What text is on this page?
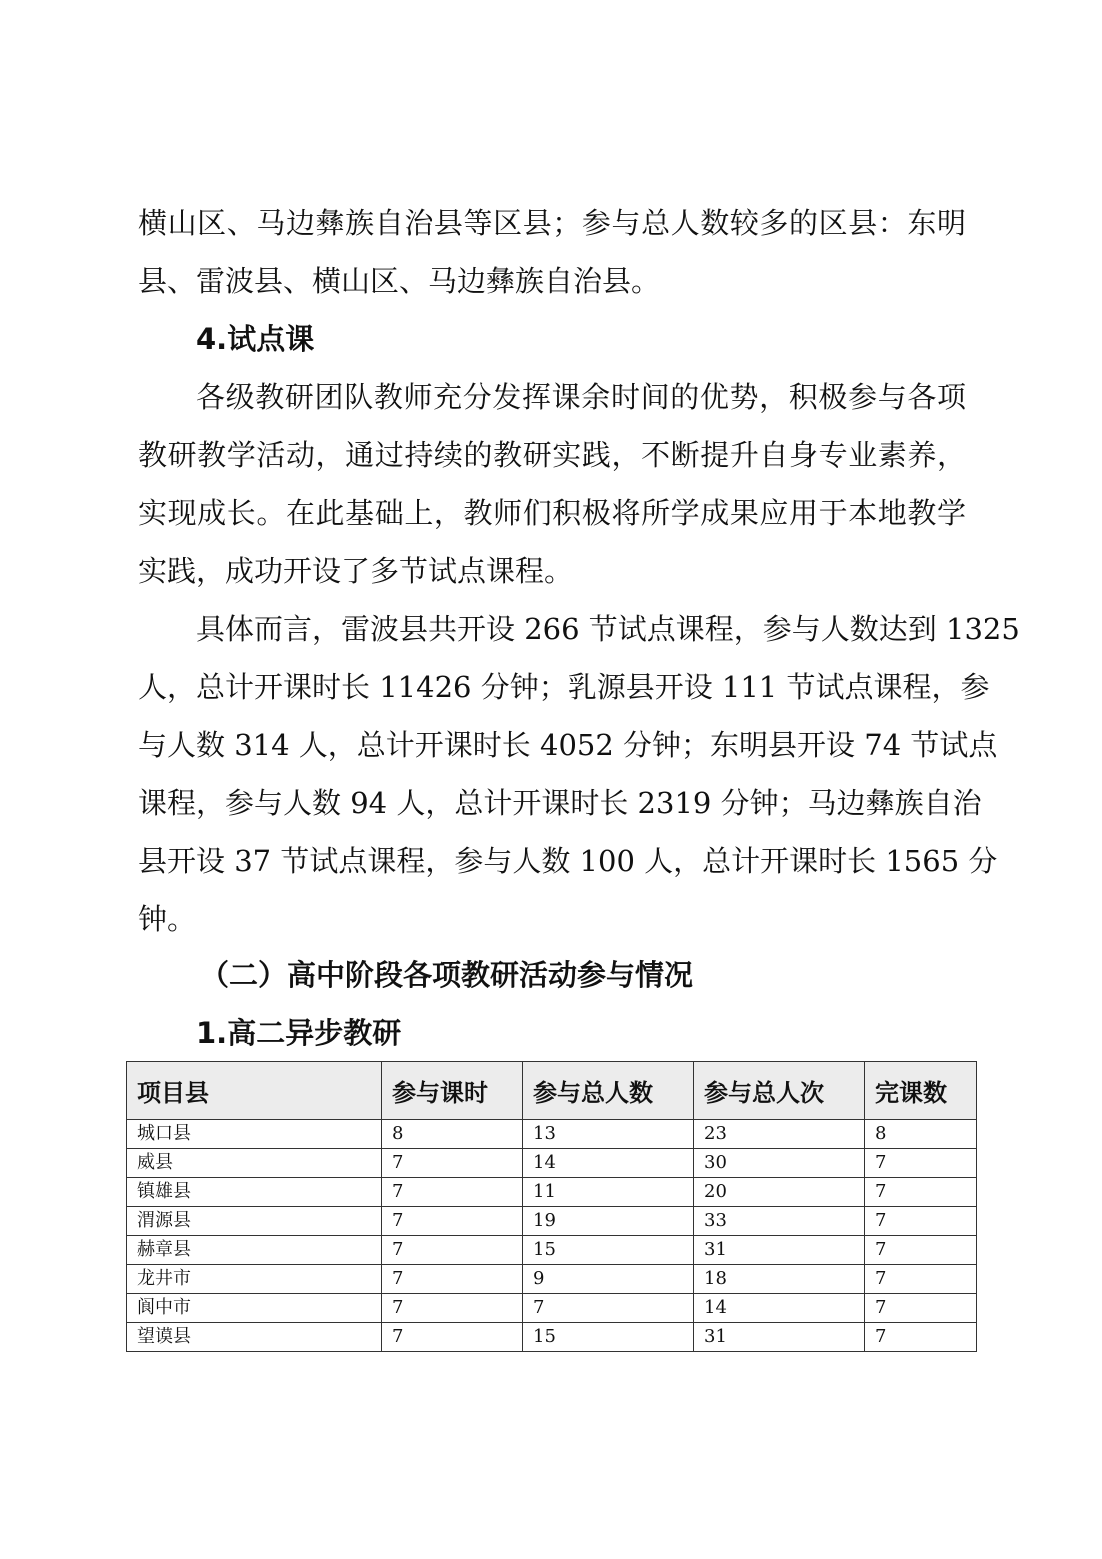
横山区、马边彝族自治县等区县；参与总人数较多的区县：东明
县、雷波县、横山区、马边彝族自治县。
4.试点课
各级教研团队教师充分发挥课余时间的优势，积极参与各项
教研教学活动，通过持续的教研实践，不断提升自身专业素养，
实现成长。在此基础上，教师们积极将所学成果应用于本地教学
实践，成功开设了多节试点课程。
具体而言，雷波县共开设 266 节试点课程，参与人数达到 1325
人，总计开课时长 11426 分钟；乳源县开设 111 节试点课程，参
与人数 314 人，总计开课时长 4052 分钟；东明县开设 74 节试点
课程，参与人数 94 人，总计开课时长 2319 分钟；马边彝族自治
县开设 37 节试点课程，参与人数 100 人，总计开课时长 1565 分
钟。
（二）高中阶段各项教研活动参与情况
1.高二异步教研
项目县	参与课时	参与总人数	参与总人次	完课数
城口县	8	13	23	8
威县	7	14	30	7
镇雄县	7	11	20	7
渭源县	7	19	33	7
赫章县	7	15	31	7
龙井市	7	9	18	7
阆中市	7	7	14	7
望谟县	7	15	31	7
